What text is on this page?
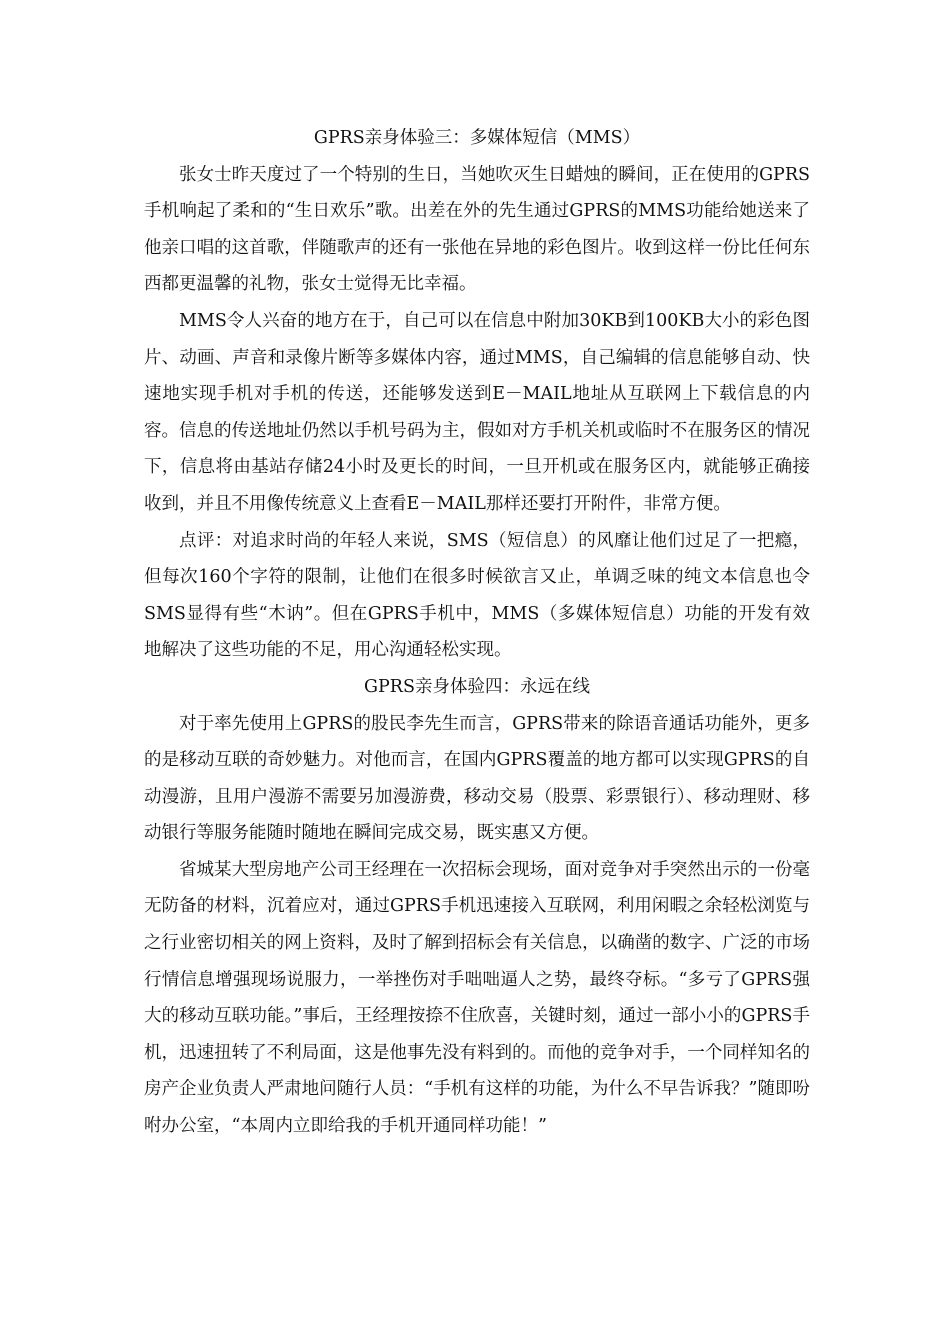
GPRS亲身体验三：多媒体短信（MMS）

张女士昨天度过了一个特别的生日，当她吹灭生日蜡烛的瞬间，正在使用的GPRS手机响起了柔和的“生日欢乐”歌。出差在外的先生通过GPRS的MMS功能给她送来了他亲口唱的这首歌，伴随歌声的还有一张他在异地的彩色图片。收到这样一份比任何东西都更温馨的礼物，张女士觉得无比幸福。

MMS令人兴奋的地方在于，自己可以在信息中附加30KB到100KB大小的彩色图片、动画、声音和录像片断等多媒体内容，通过MMS，自己编辑的信息能够自动、快速地实现手机对手机的传送，还能够发送到E－MAIL地址从互联网上下载信息的内容。信息的传送地址仍然以手机号码为主，假如对方手机关机或临时不在服务区的情况下，信息将由基站存储24小时及更长的时间，一旦开机或在服务区内，就能够正确接收到，并且不用像传统意义上查看E－MAIL那样还要打开附件，非常方便。

点评：对追求时尚的年轻人来说，SMS（短信息）的风靡让他们过足了一把瘾，但每次160个字符的限制，让他们在很多时候欲言又止，单调乏味的纯文本信息也令SMS显得有些“木讷”。但在GPRS手机中，MMS（多媒体短信息）功能的开发有效地解决了这些功能的不足，用心沟通轻松实现。

GPRS亲身体验四：永远在线

对于率先使用上GPRS的股民李先生而言，GPRS带来的除语音通话功能外，更多的是移动互联的奇妙魅力。对他而言，在国内GPRS覆盖的地方都可以实现GPRS的自动漫游，且用户漫游不需要另加漫游费，移动交易（股票、彩票银行）、移动理财、移动银行等服务能随时随地在瞬间完成交易，既实惠又方便。

省城某大型房地产公司王经理在一次招标会现场，面对竞争对手突然出示的一份毫无防备的材料，沉着应对，通过GPRS手机迅速接入互联网，利用闲暇之余轻松浏览与之行业密切相关的网上资料，及时了解到招标会有关信息，以确凿的数字、广泛的市场行情信息增强现场说服力，一举挫伤对手咄咄逼人之势，最终夺标。“多亏了GPRS强大的移动互联功能。”事后，王经理按捺不住欣喜，关键时刻，通过一部小小的GPRS手机，迅速扭转了不利局面，这是他事先没有料到的。而他的竞争对手，一个同样知名的房产企业负责人严肃地问随行人员：“手机有这样的功能，为什么不早告诉我？”随即吩咐办公室，“本周内立即给我的手机开通同样功能！”
